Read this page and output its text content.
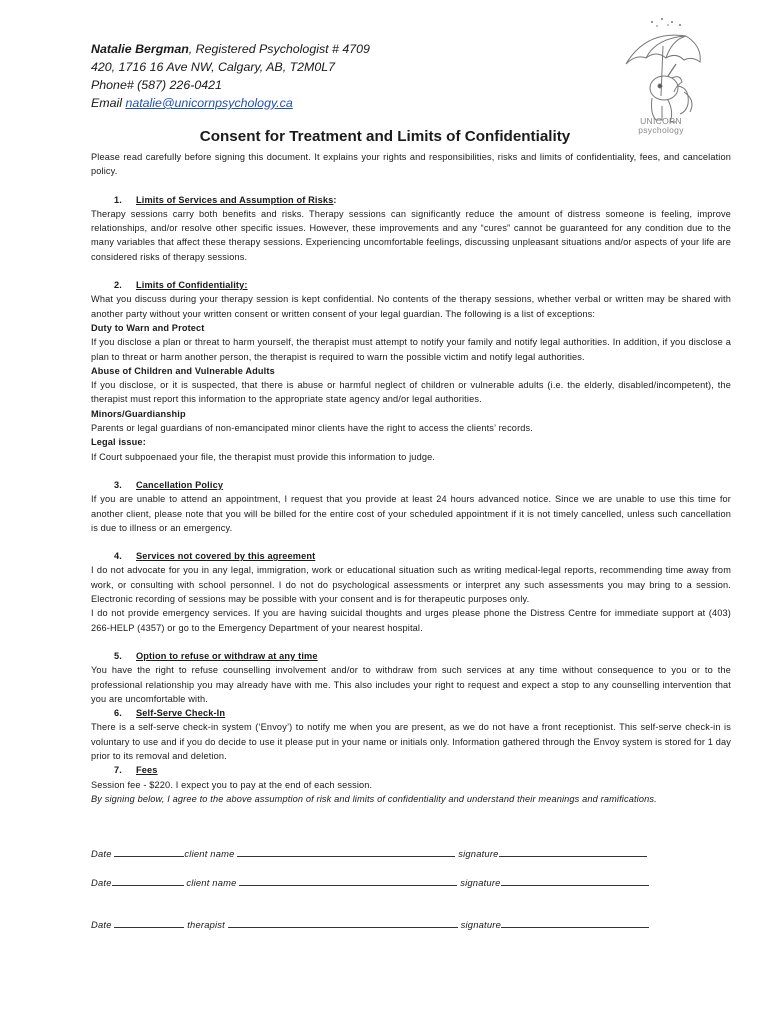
Natalie Bergman, Registered Psychologist # 4709
420, 1716 16 Ave NW, Calgary, AB, T2M0L7
Phone# (587) 226-0421
Email natalie@unicornpsychology.ca
UNICORN
psychology
Consent for Treatment and Limits of Confidentiality

Please read carefully before signing this document. It explains your rights and responsibilities, risks and limits of confidentiality, fees, and cancelation policy.

1. Limits of Services and Assumption of Risks:

Therapy sessions carry both benefits and risks. Therapy sessions can significantly reduce the amount of distress someone is feeling, improve relationships, and/or resolve other specific issues. However, these improvements and any “cures” cannot be guaranteed for any condition due to the many variables that affect these therapy sessions. Experiencing uncomfortable feelings, discussing unpleasant situations and/or aspects of your life are considered risks of therapy sessions.

2. Limits of Confidentiality:

What you discuss during your therapy session is kept confidential. No contents of the therapy sessions, whether verbal or written may be shared with another party without your written consent or written consent of your legal guardian. The following is a list of exceptions:

Duty to Warn and Protect

If you disclose a plan or threat to harm yourself, the therapist must attempt to notify your family and notify legal authorities. In addition, if you disclose a plan to threat or harm another person, the therapist is required to warn the possible victim and notify legal authorities.

Abuse of Children and Vulnerable Adults

If you disclose, or it is suspected, that there is abuse or harmful neglect of children or vulnerable adults (i.e. the elderly, disabled/incompetent), the therapist must report this information to the appropriate state agency and/or legal authorities.

Minors/Guardianship

Parents or legal guardians of non-emancipated minor clients have the right to access the clients’ records.

Legal issue:

If Court subpoenaed your file, the therapist must provide this information to judge.

3. Cancellation Policy

If you are unable to attend an appointment, I request that you provide at least 24 hours advanced notice. Since we are unable to use this time for another client, please note that you will be billed for the entire cost of your scheduled appointment if it is not timely cancelled, unless such cancellation is due to illness or an emergency.

4. Services not covered by this agreement

I do not advocate for you in any legal, immigration, work or educational situation such as writing medical-legal reports, recommending time away from work, or consulting with school personnel. I do not do psychological assessments or interpret any such assessments you may bring to a session. Electronic recording of sessions may be possible with your consent and is for therapeutic purposes only.

I do not provide emergency services. If you are having suicidal thoughts and urges please phone the Distress Centre for immediate support at (403) 266-HELP (4357) or go to the Emergency Department of your nearest hospital.

5. Option to refuse or withdraw at any time

You have the right to refuse counselling involvement and/or to withdraw from such services at any time without consequence to you or to the professional relationship you may already have with me. This also includes your right to request and expect a stop to any counselling intervention that you are uncomfortable with.

6. Self-Serve Check-In

There is a self-serve check-in system (‘Envoy’) to notify me when you are present, as we do not have a front receptionist. This self-serve check-in is voluntary to use and if you do decide to use it please put in your name or initials only. Information gathered through the Envoy system is stored for 1 day prior to its removal and deletion.

7. Fees

Session fee - $220. I expect you to pay at the end of each session.

By signing below, I agree to the above assumption of risk and limits of confidentiality and understand their meanings and ramifications.

Date	client name	signature
Date	client name	signature
Date	therapist	signature
